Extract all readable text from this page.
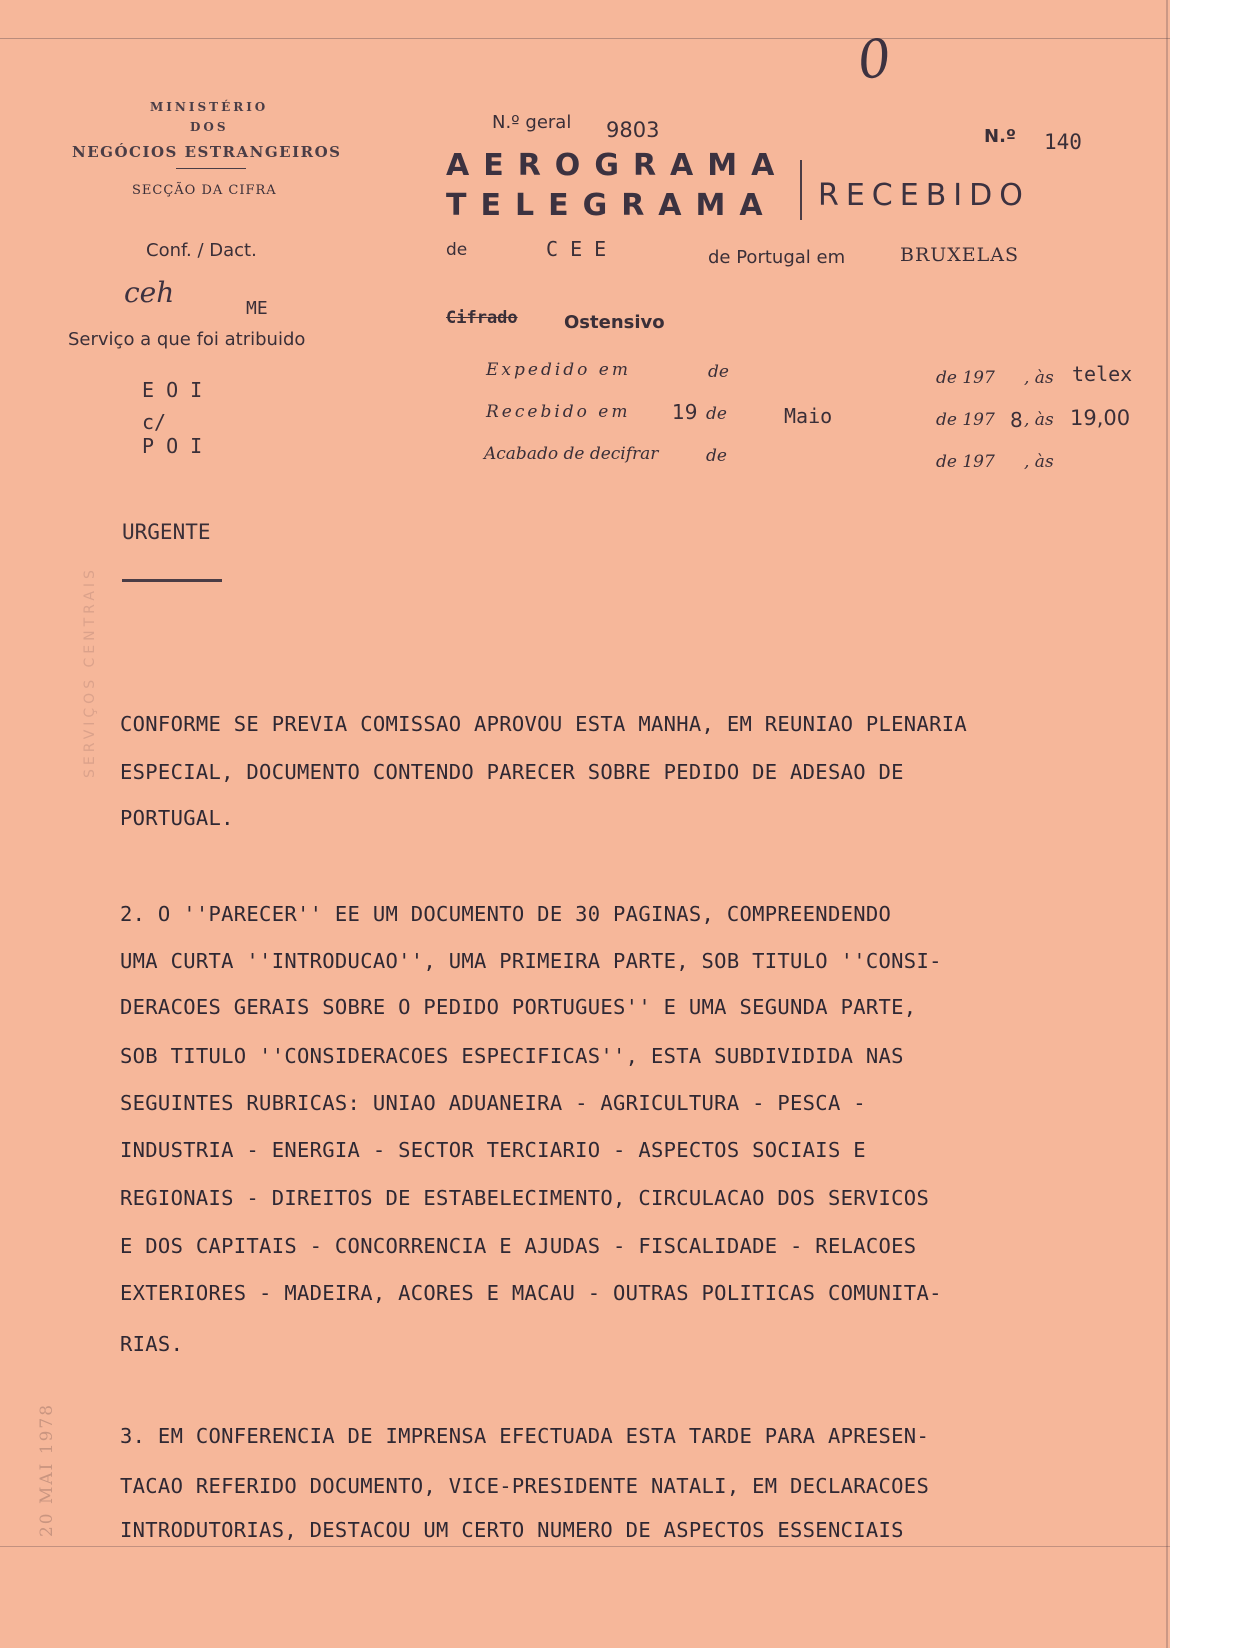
0
MINISTÉRIO
DOS
NEGÓCIOS ESTRANGEIROS
SECÇÃO DA CIFRA
Conf. / Dact.
ceh	ME
Serviço a que foi atribuido
E O I
c/
P O I
N.º geral 9803	N.º 140
AEROGRAMA
TELEGRAMA RECEBIDO
de	C E E	de Portugal em	BRUXELAS
Cifrado	Ostensivo
Expedido em	de	de 197 , às telex
Recebido em 19 de	Maio	de 197 8 , às 19,00
Acabado de decifrar	de	de 197 , às
SERVIÇOS CENTRAIS
20 MAI 1978
URGENTE
CONFORME SE PREVIA COMISSAO APROVOU ESTA MANHA, EM REUNIAO PLENARIA
ESPECIAL, DOCUMENTO CONTENDO PARECER SOBRE PEDIDO DE ADESAO DE
PORTUGAL.
2. O ''PARECER'' EE UM DOCUMENTO DE 30 PAGINAS, COMPREENDENDO
UMA CURTA ''INTRODUCAO'', UMA PRIMEIRA PARTE, SOB TITULO ''CONSI-
DERACOES GERAIS SOBRE O PEDIDO PORTUGUES'' E UMA SEGUNDA PARTE,
SOB TITULO ''CONSIDERACOES ESPECIFICAS'', ESTA SUBDIVIDIDA NAS
SEGUINTES RUBRICAS: UNIAO ADUANEIRA - AGRICULTURA - PESCA -
INDUSTRIA - ENERGIA - SECTOR TERCIARIO - ASPECTOS SOCIAIS E
REGIONAIS - DIREITOS DE ESTABELECIMENTO, CIRCULACAO DOS SERVICOS
E DOS CAPITAIS - CONCORRENCIA E AJUDAS - FISCALIDADE - RELACOES
EXTERIORES - MADEIRA, ACORES E MACAU - OUTRAS POLITICAS COMUNITA-
RIAS.
3. EM CONFERENCIA DE IMPRENSA EFECTUADA ESTA TARDE PARA APRESEN-
TACAO REFERIDO DOCUMENTO, VICE-PRESIDENTE NATALI, EM DECLARACOES
INTRODUTORIAS, DESTACOU UM CERTO NUMERO DE ASPECTOS ESSENCIAIS
